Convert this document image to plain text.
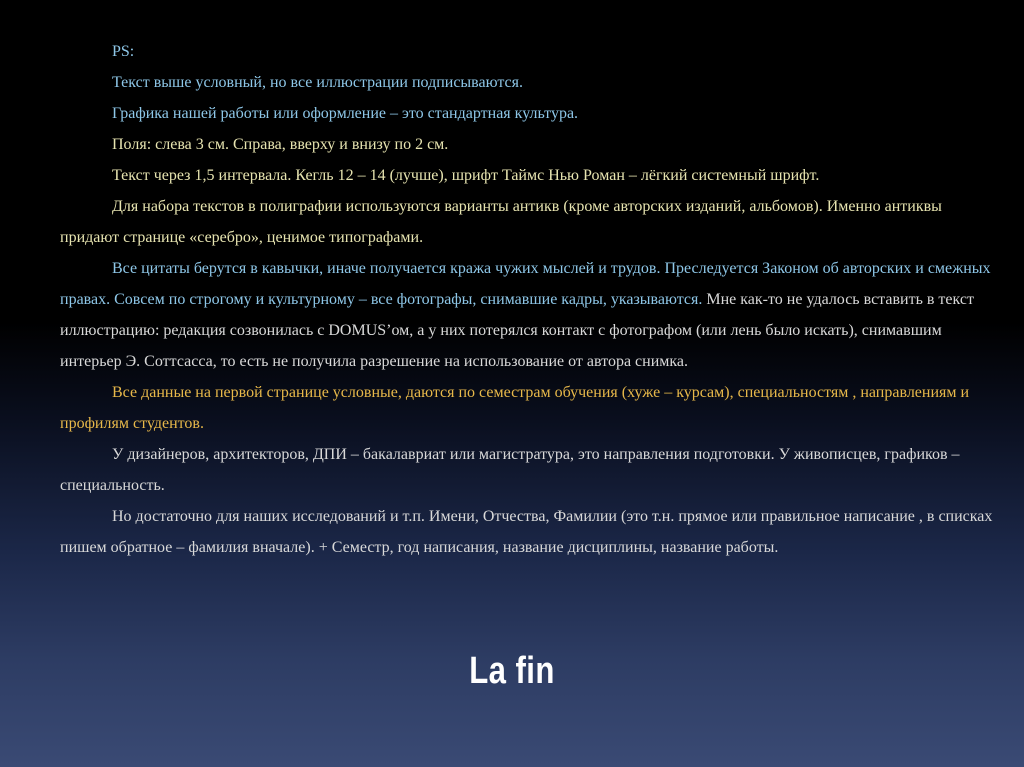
PS:

Текст выше условный, но все иллюстрации подписываются.

Графика нашей работы или оформление – это стандартная культура.

Поля: слева 3 см. Справа, вверху и внизу по 2 см.

Текст через 1,5 интервала. Кегль 12 – 14 (лучше), шрифт Таймс Нью Роман – лёгкий системный шрифт.

Для набора текстов в полиграфии используются варианты антикв (кроме авторских изданий, альбомов). Именно антиквы придают странице «серебро», ценимое типографами.

Все цитаты берутся в кавычки, иначе получается кража чужих мыслей и трудов. Преследуется Законом об авторских и смежных правах. Совсем по строгому и культурному – все фотографы, снимавшие кадры, указываются. Мне как-то не удалось вставить в текст иллюстрацию: редакция созвонилась с DOMUS’ом, а у них потерялся контакт с фотографом (или лень было искать), снимавшим интерьер Э. Соттсасса, то есть не получила разрешение на использование от автора снимка.

Все данные на первой странице условные, даются по семестрам обучения (хуже – курсам), специальностям , направлениям и профилям студентов.

У дизайнеров, архитекторов, ДПИ – бакалавриат или магистратура, это направления подготовки. У живописцев, графиков – специальность.

Но достаточно для наших исследований и т.п. Имени, Отчества, Фамилии (это т.н. прямое или правильное написание , в списках пишем обратное – фамилия вначале). + Семестр, год написания, название дисциплины, название работы.

La fin
